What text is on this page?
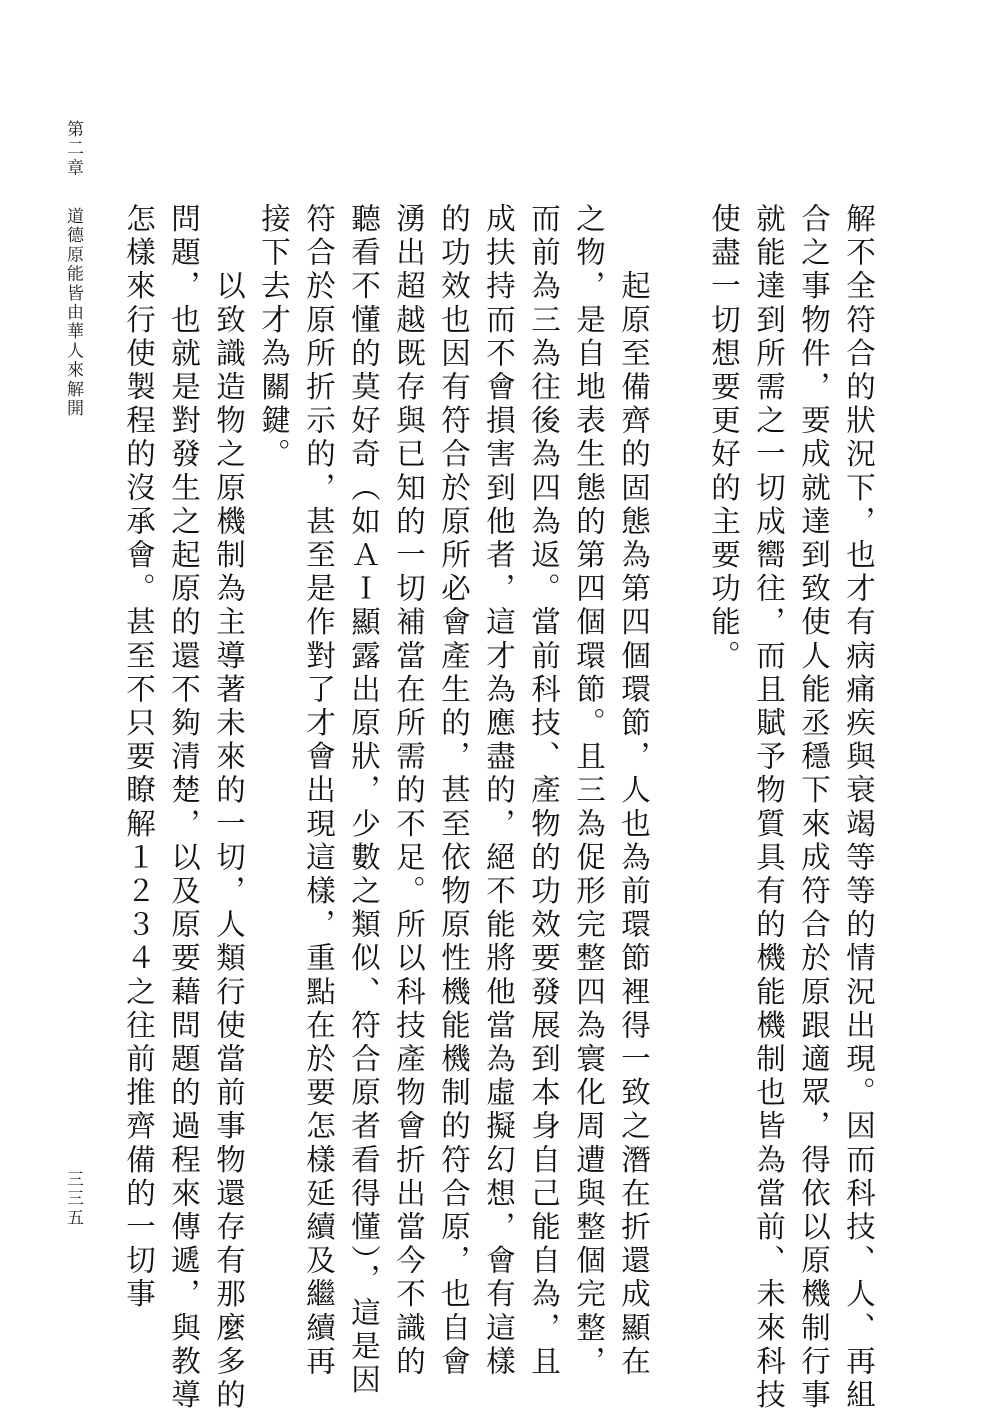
第二章
道德原能皆由華人來解開
三三五	解不全符合的狀況下，也才有病痛疾與衰竭等等的情況出現。因而科技、人、再組
合之事物件，要成就達到致使人能丞穩下來成符合於原跟適眾，得依以原機制行事
就能達到所需之一切成嚮往，而且賦予物質具有的機能機制也皆為當前、未來科技
使盡一切想要更好的主要功能。
　　起原至備齊的固態為第四個環節，人也為前環節裡得一致之潛在折還成顯在
之物，是自地表生態的第四個環節。且三為促形完整四為寰化周遭與整個完整，
而前為三為往後為四為返。當前科技、產物的功效要發展到本身自己能自為，且
成扶持而不會損害到他者，這才為應盡的，絕不能將他當為虛擬幻想，會有這樣
的功效也因有符合於原所必會產生的，甚至依物原性機能機制的符合原，也自會
湧出超越既存與已知的一切補當在所需的不足。所以科技產物會折出當今不識的
聽看不懂的莫好奇（如ＡＩ顯露出原狀，少數之類似、符合原者看得懂），這是因
符合於原所折示的，甚至是作對了才會出現這樣，重點在於要怎樣延續及繼續再
接下去才為關鍵。
　　以致識造物之原機制為主導著未來的一切，人類行使當前事物還存有那麼多的
問題，也就是對發生之起原的還不夠清楚，以及原要藉問題的過程來傳遞，與教導
怎樣來行使製程的沒承會。甚至不只要瞭解１２３４之往前推齊備的一切事
